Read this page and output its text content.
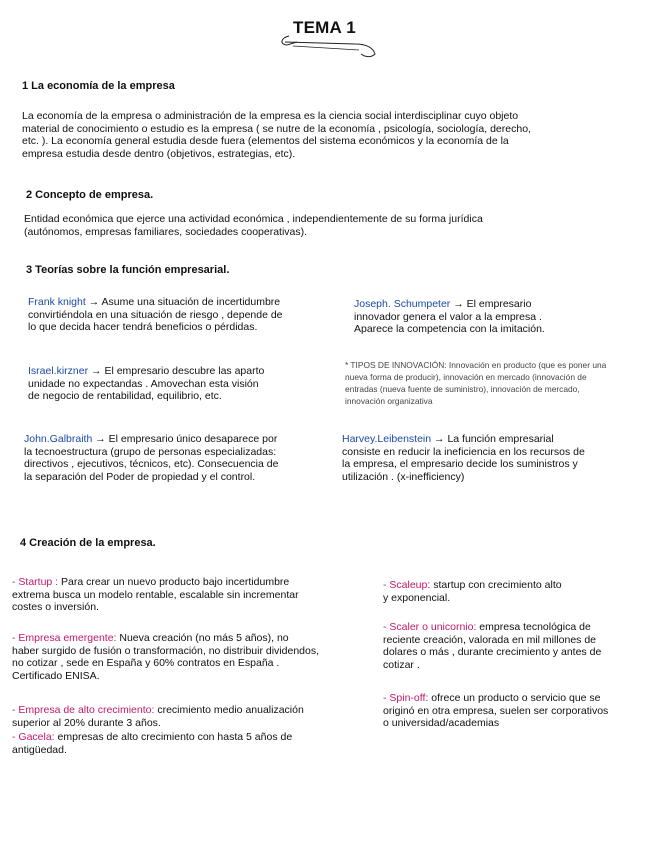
TEMA 1
1 La economía de la empresa
La economía de la empresa o administración de la empresa es la ciencia social interdisciplinar cuyo objeto
material de conocimiento o estudio es la empresa ( se nutre de la economía , psicología, sociología, derecho,
etc. ). La economía general estudia desde fuera (elementos del sistema económicos y la economía de la
empresa estudia desde dentro (objetivos, estrategias, etc).
2 Concepto de empresa.
Entidad económica que ejerce una actividad económica , independientemente de su forma jurídica
(autónomos, empresas familiares, sociedades cooperativas).
3 Teorías sobre la función empresarial.
Frank knight → Asume una situación de incertidumbre
convirtiéndola en una situación de riesgo , depende de
lo que decida hacer tendrá beneficios o pérdidas.
Joseph. Schumpeter → El empresario
innovador genera el valor a la empresa .
Aparece la competencia con la imitación.
Israel.kirzner → El empresario descubre las aparto
unidade no expectandas . Amovechan esta visión
de negocio de rentabilidad, equilibrio, etc.
* TIPOS DE INNOVACIÓN: Innovación en producto (que es poner una
nueva forma de producir), innovación en mercado (innovación de
entradas (nueva fuente de suministro), innovación de mercado,
innovación organizativa
John.Galbraith → El empresario único desaparece por
la tecnoestructura (grupo de personas especializadas:
directivos , ejecutivos, técnicos, etc). Consecuencia de
la separación del Poder de propiedad y el control.
Harvey.Leibenstein → La función empresarial
consiste en reducir la ineficiencia en los recursos de
la empresa, el empresario decide los suministros y
utilización . (x-inefficiency)
4 Creación de la empresa.
- Startup : Para crear un nuevo producto bajo incertidumbre
extrema busca un modelo rentable, escalable sin incrementar
costes o inversión.
- Empresa emergente: Nueva creación (no más 5 años), no
haber surgido de fusión o transformación, no distribuir dividendos,
no cotizar , sede en España y 60% contratos en España .
Certificado ENISA.
- Empresa de alto crecimiento: crecimiento medio anualización
superior al 20% durante 3 años.
- Gacela: empresas de alto crecimiento con hasta 5 años de
antigüedad.
- Scaleup: startup con crecimiento alto
y exponencial.
- Scaler o unicornio: empresa tecnológica de
reciente creación, valorada en mil millones de
dolares o más , durante crecimiento y antes de
cotizar .
- Spin-off: ofrece un producto o servicio que se
originó en otra empresa, suelen ser corporativos
o universidad/academias
